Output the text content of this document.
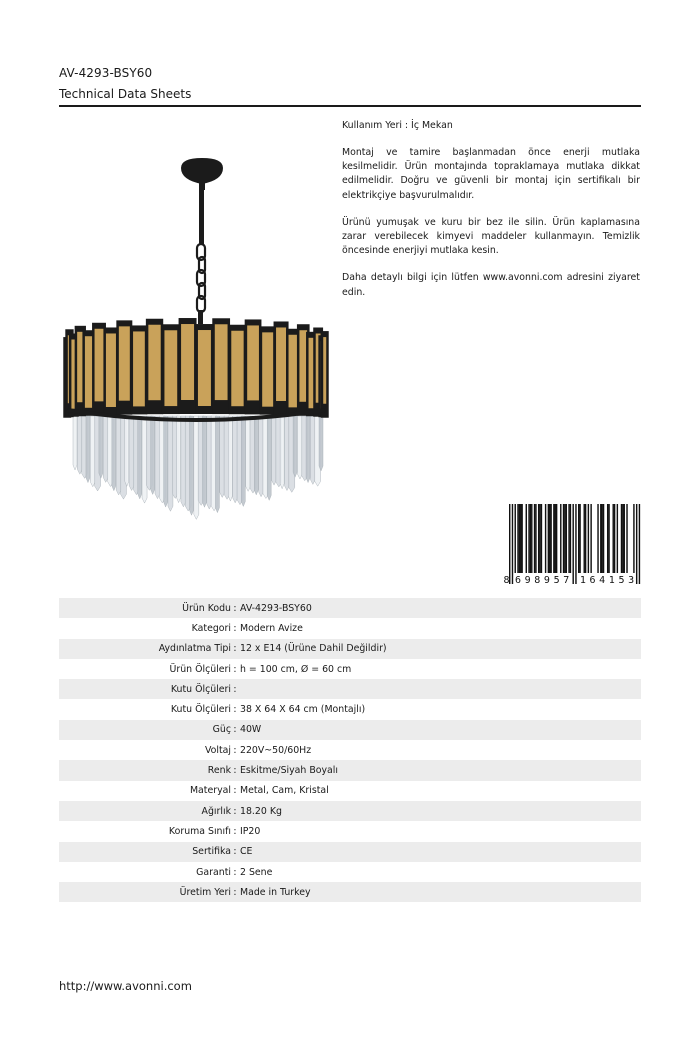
AV-4293-BSY60
Technical Data Sheets

Kullanım Yeri : İç Mekan

Montaj ve tamire başlanmadan önce enerji mutlaka kesilmelidir. Ürün montajında topraklamaya mutlaka dikkat edilmelidir. Doğru ve güvenli bir montaj için sertifikalı bir elektrikçiye başvurulmalıdır.

Ürünü yumuşak ve kuru bir bez ile silin. Ürün kaplamasına zarar verebilecek kimyevi maddeler kullanmayın. Temizlik öncesinde enerjiyi mutlaka kesin.

Daha detaylı bilgi için lütfen www.avonni.com adresini ziyaret edin.

8 6 9 8 9 5 7 1 6 4 1 5 3
Ürün Kodu : AV-4293-BSY60
Kategori : Modern Avize
Aydınlatma Tipi : 12 x E14 (Ürüne Dahil Değildir)
Ürün Ölçüleri : h = 100 cm, Ø = 60 cm
Kutu Ölçüleri :
Kutu Ölçüleri : 38 X 64 X 64 cm (Montajlı)
Güç : 40W
Voltaj : 220V~50/60Hz
Renk : Eskitme/Siyah Boyalı
Materyal : Metal, Cam, Kristal
Ağırlık : 18.20 Kg
Koruma Sınıfı : IP20
Sertifika : CE
Garanti : 2 Sene
Üretim Yeri : Made in Turkey
http://www.avonni.com
